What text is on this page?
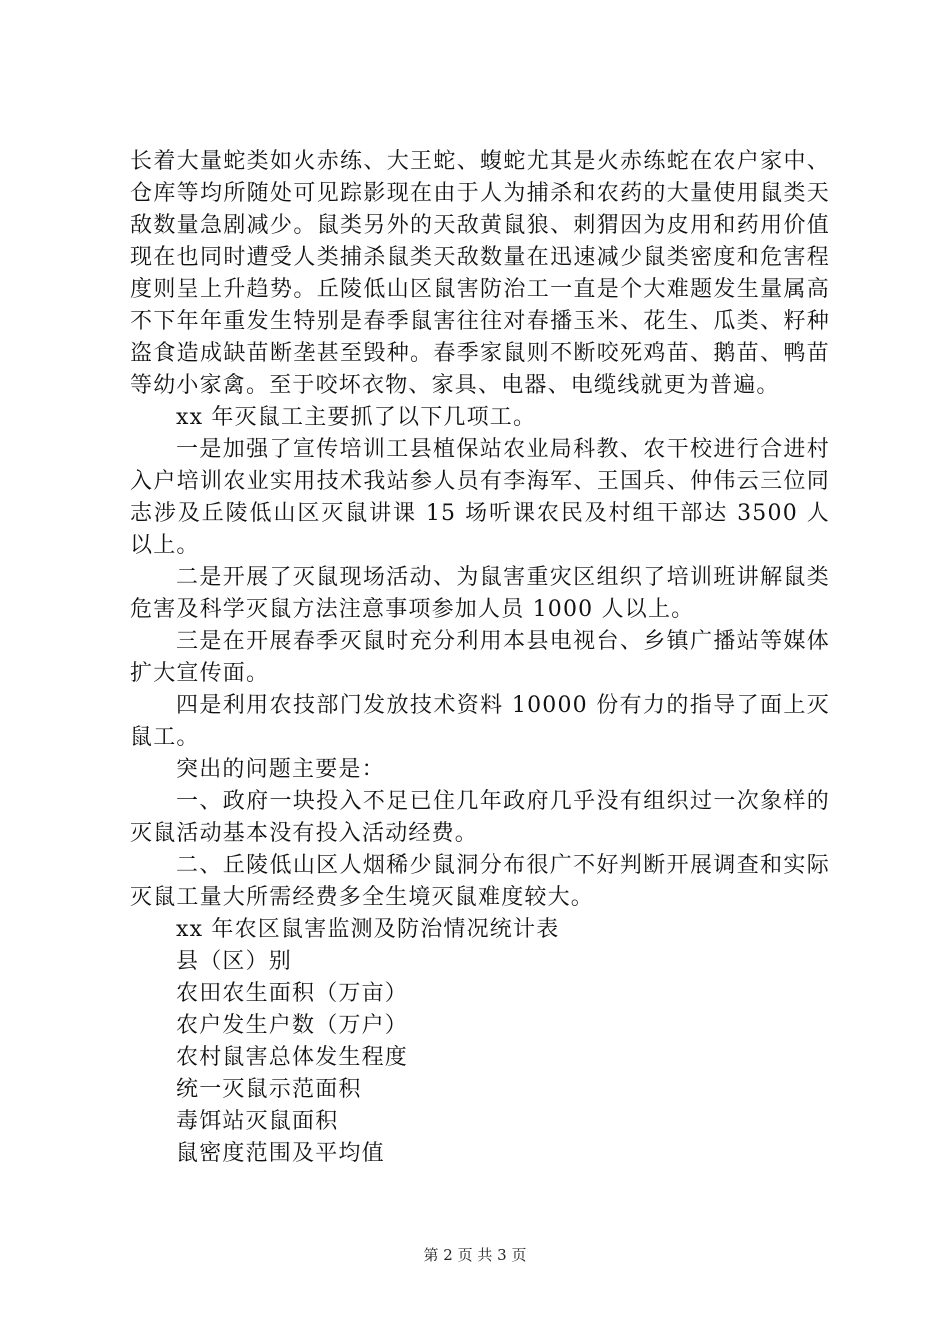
长着大量蛇类如火赤练、大王蛇、蝮蛇尤其是火赤练蛇在农户家中、仓库等均所随处可见踪影现在由于人为捕杀和农药的大量使用鼠类天敌数量急剧减少。鼠类另外的天敌黄鼠狼、刺猬因为皮用和药用价值现在也同时遭受人类捕杀鼠类天敌数量在迅速减少鼠类密度和危害程度则呈上升趋势。丘陵低山区鼠害防治工一直是个大难题发生量属高不下年年重发生特别是春季鼠害往往对春播玉米、花生、瓜类、籽种盗食造成缺苗断垄甚至毁种。春季家鼠则不断咬死鸡苗、鹅苗、鸭苗等幼小家禽。至于咬坏衣物、家具、电器、电缆线就更为普遍。

xx 年灭鼠工主要抓了以下几项工。

一是加强了宣传培训工县植保站农业局科教、农干校进行合进村入户培训农业实用技术我站参人员有李海军、王国兵、仲伟云三位同志涉及丘陵低山区灭鼠讲课 15 场听课农民及村组干部达 3500 人以上。

二是开展了灭鼠现场活动、为鼠害重灾区组织了培训班讲解鼠类危害及科学灭鼠方法注意事项参加人员 1000 人以上。

三是在开展春季灭鼠时充分利用本县电视台、乡镇广播站等媒体扩大宣传面。

四是利用农技部门发放技术资料 10000 份有力的指导了面上灭鼠工。

突出的问题主要是：

一、政府一块投入不足已住几年政府几乎没有组织过一次象样的灭鼠活动基本没有投入活动经费。

二、丘陵低山区人烟稀少鼠洞分布很广不好判断开展调查和实际灭鼠工量大所需经费多全生境灭鼠难度较大。

xx 年农区鼠害监测及防治情况统计表

县（区）别

农田农生面积（万亩）

农户发生户数（万户）

农村鼠害总体发生程度

统一灭鼠示范面积

毒饵站灭鼠面积

鼠密度范围及平均值

第 2 页 共 3 页
